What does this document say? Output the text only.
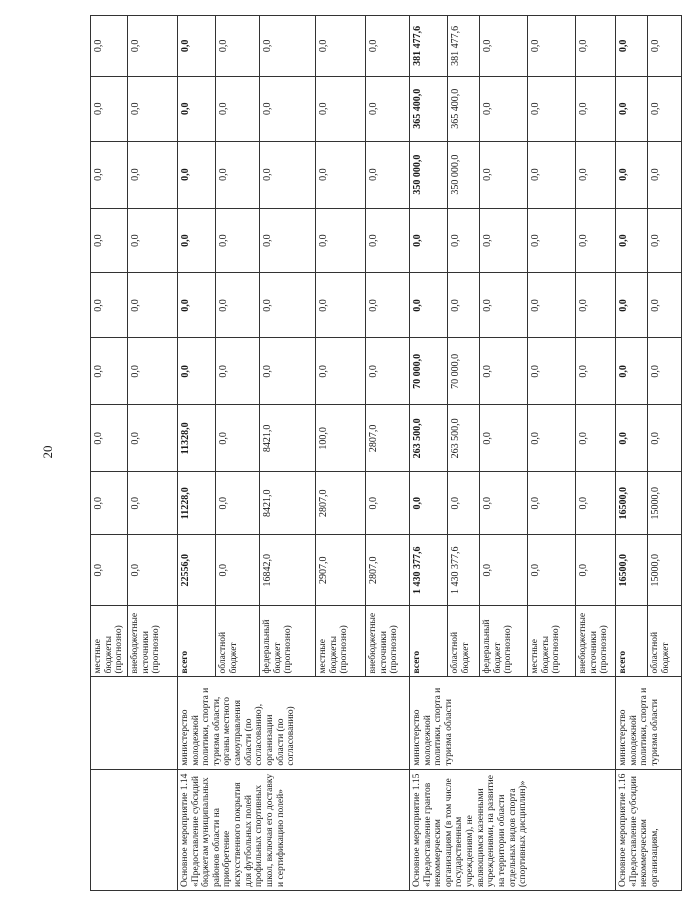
20
		местные бюджеты (прогнозно)	0,0	0,0	0,0	0,0	0,0	0,0	0,0	0,0	0,0
		внебюджетные источники (прогнозно)	0,0	0,0	0,0	0,0	0,0	0,0	0,0	0,0	0,0
Основное мероприятие 1.14 «Предоставление субсидий бюджетам муниципальных районов области на приобретение искусственного покрытия для футбольных полей профильных спортивных школ, включая его доставку и сертификацию полей»	министерство молодежной политики, спорта и туризма области, органы местного самоуправления области (по согласованию), организации области (по согласованию)	всего	22556,0	11228,0	11328,0	0,0	0,0	0,0	0,0	0,0	0,0
		областной бюджет	0,0	0,0	0,0	0,0	0,0	0,0	0,0	0,0	0,0
		федеральный бюджет (прогнозно)	16842,0	8421,0	8421,0	0,0	0,0	0,0	0,0	0,0	0,0
		местные бюджеты (прогнозно)	2907,0	2807,0	100,0	0,0	0,0	0,0	0,0	0,0	0,0
		внебюджетные источники (прогнозно)	2807,0	0,0	2807,0	0,0	0,0	0,0	0,0	0,0	0,0
Основное мероприятие 1.15 «Предоставление грантов некоммерческим организациям (в том числе государственным учреждениям), не являющимся казенными учреждениями, на развитие на территории области отдельных видов спорта (спортивных дисциплин)»	министерство молодежной политики, спорта и туризма области	всего	1 430 377,6	0,0	263 500,0	70 000,0	0,0	0,0	350 000,0	365 400,0	381 477,6
		областной бюджет	1 430 377,6	0,0	263 500,0	70 000,0	0,0	0,0	350 000,0	365 400,0	381 477,6
		федеральный бюджет (прогнозно)	0,0	0,0	0,0	0,0	0,0	0,0	0,0	0,0	0,0
		местные бюджеты (прогнозно)	0,0	0,0	0,0	0,0	0,0	0,0	0,0	0,0	0,0
		внебюджетные источники (прогнозно)	0,0	0,0	0,0	0,0	0,0	0,0	0,0	0,0	0,0
Основное мероприятие 1.16 «Предоставление субсидии некоммерческим организациям,	министерство молодежной политики, спорта и туризма области	всего	16500,0	16500,0	0,0	0,0	0,0	0,0	0,0	0,0	0,0
		областной бюджет	15000,0	15000,0	0,0	0,0	0,0	0,0	0,0	0,0	0,0
